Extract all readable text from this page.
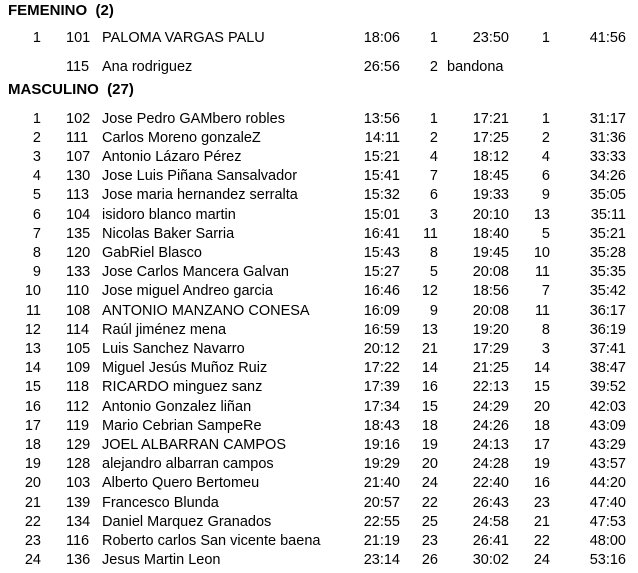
FEMENINO  (2)
1 101 PALOMA VARGAS PALU	18:06 1 23:50 1	41:56
115 Ana rodriguez	26:56 2 bandona
MASCULINO  (27)
1 102 Jose Pedro GAMbero robles	13:56 1 17:21 1	31:17
2 111 Carlos Moreno gonzaleZ	14:11 2 17:25 2	31:36
3 107 Antonio Lázaro Pérez	15:21 4 18:12 4	33:33
4 130 Jose Luis Piñana Sansalvador	15:41 7 18:45 6	34:26
5 113 Jose maria hernandez serralta	15:32 6 19:33 9	35:05
6 104 isidoro blanco martin	15:01 3 20:10 13	35:11
7 135 Nicolas Baker Sarria	16:41 11 18:40 5	35:21
8 120 GabRiel Blasco	15:43 8 19:45 10	35:28
9 133 Jose Carlos Mancera Galvan	15:27 5 20:08 11	35:35
10 110 Jose miguel Andreo garcia	16:46 12 18:56 7	35:42
11 108 ANTONIO MANZANO CONESA	16:09 9 20:08 11	36:17
12 114 Raúl jiménez mena	16:59 13 19:20 8	36:19
13 105 Luis Sanchez Navarro	20:12 21 17:29 3	37:41
14 109 Miguel Jesús Muñoz Ruiz	17:22 14 21:25 14	38:47
15 118 RICARDO minguez sanz	17:39 16 22:13 15	39:52
16 112 Antonio Gonzalez liñan	17:34 15 24:29 20	42:03
17 119 Mario Cebrian SampeRe	18:43 18 24:26 18	43:09
18 129 JOEL ALBARRAN CAMPOS	19:16 19 24:13 17	43:29
19 128 alejandro albarran campos	19:29 20 24:28 19	43:57
20 103 Alberto Quero Bertomeu	21:40 24 22:40 16	44:20
21 139 Francesco Blunda	20:57 22 26:43 23	47:40
22 134 Daniel Marquez Granados	22:55 25 24:58 21	47:53
23 116 Roberto carlos San vicente baena	21:19 23 26:41 22	48:00
24 136 Jesus Martin Leon	23:14 26 30:02 24	53:16
